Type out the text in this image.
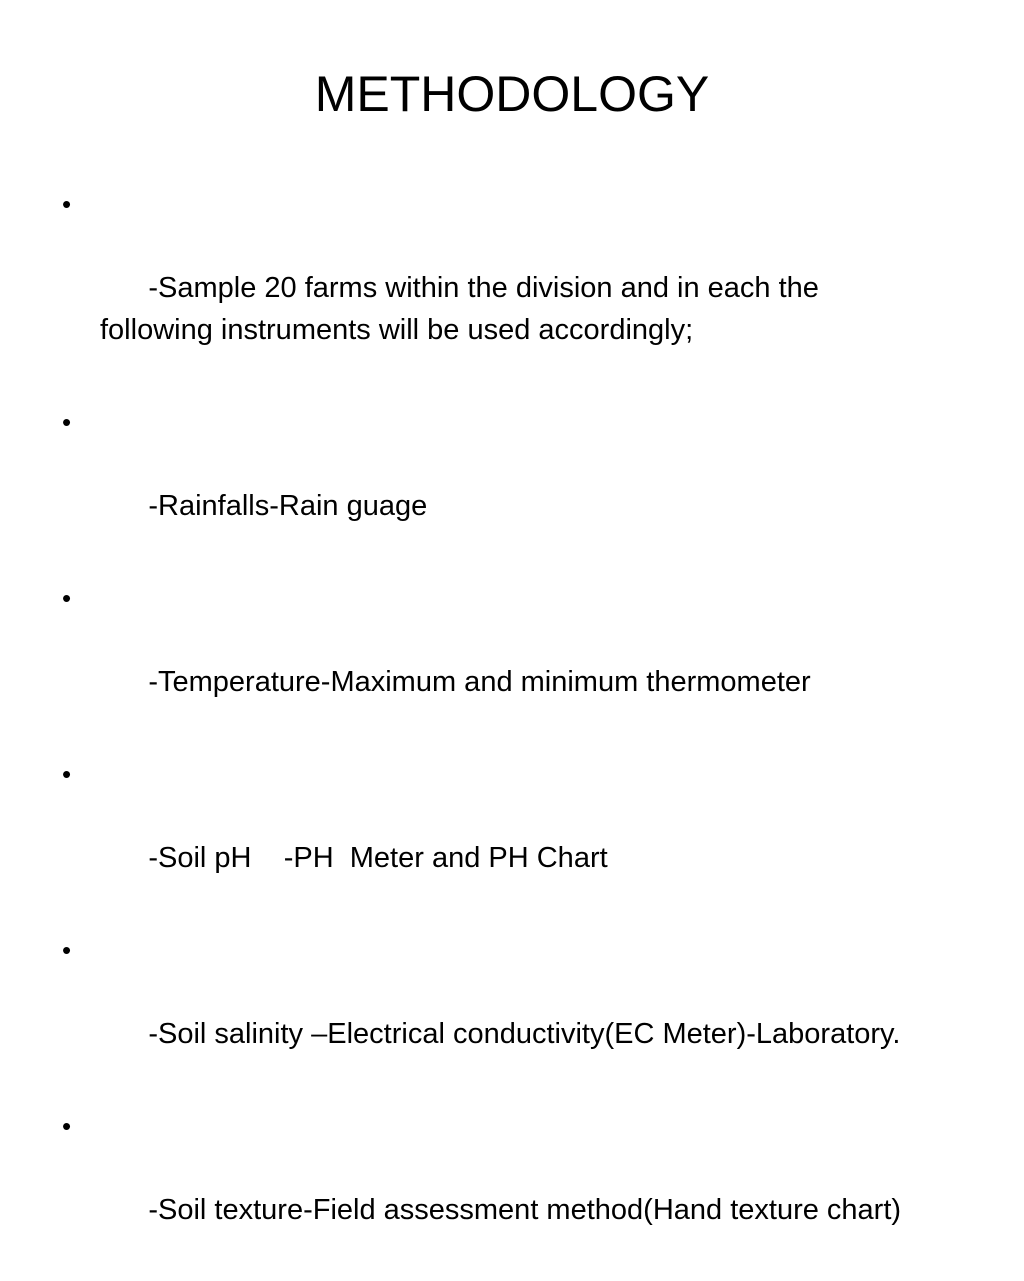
METHODOLOGY

•

-Sample 20 farms within the division and in each the following instruments will be used accordingly;

•

-Rainfalls-Rain guage

•

-Temperature-Maximum and minimum thermometer

•

-Soil pH    -PH  Meter and PH Chart

•

-Soil salinity –Electrical conductivity(EC Meter)-Laboratory.

•

-Soil texture-Field assessment method(Hand texture chart)
